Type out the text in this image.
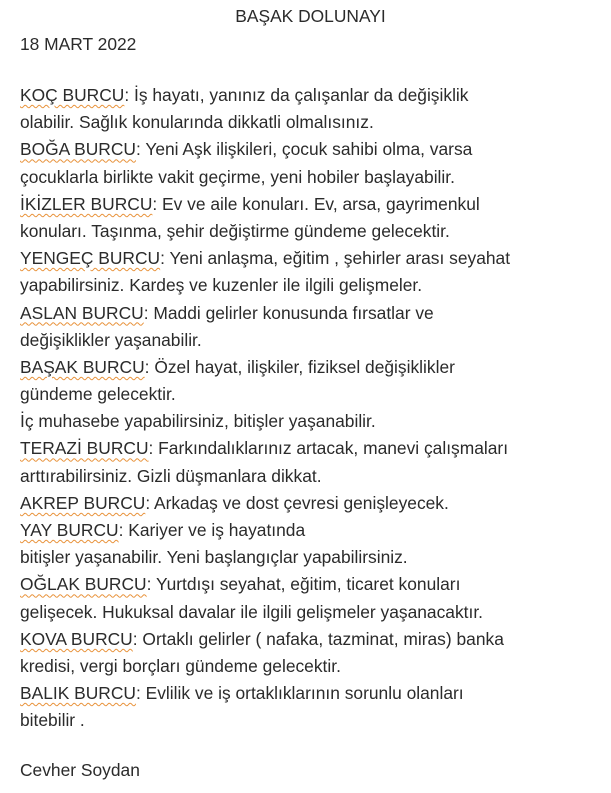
BAŞAK DOLUNAYI
18 MART 2022
KOÇ BURCU: İş hayatı, yanınız da çalışanlar da değişiklik
olabilir. Sağlık konularında dikkatli olmalısınız.
BOĞA BURCU: Yeni Aşk ilişkileri, çocuk sahibi olma, varsa
çocuklarla birlikte vakit geçirme, yeni hobiler başlayabilir.
İKİZLER BURCU: Ev ve aile konuları. Ev, arsa, gayrimenkul
konuları. Taşınma, şehir değiştirme gündeme gelecektir.
YENGEÇ BURCU: Yeni anlaşma, eğitim , şehirler arası seyahat
yapabilirsiniz. Kardeş ve kuzenler ile ilgili gelişmeler.
ASLAN BURCU: Maddi gelirler konusunda fırsatlar ve
değişiklikler yaşanabilir.
BAŞAK BURCU: Özel hayat, ilişkiler, fiziksel değişiklikler
gündeme gelecektir.
İç muhasebe yapabilirsiniz, bitişler yaşanabilir.
TERAZİ BURCU: Farkındalıklarınız artacak, manevi çalışmaları
arttırabilirsiniz. Gizli düşmanlara dikkat.
AKREP BURCU: Arkadaş ve dost çevresi genişleyecek.
YAY BURCU: Kariyer ve iş hayatında
bitişler yaşanabilir. Yeni başlangıçlar yapabilirsiniz.
OĞLAK BURCU: Yurtdışı seyahat, eğitim, ticaret konuları
gelişecek. Hukuksal davalar ile ilgili gelişmeler yaşanacaktır.
KOVA BURCU: Ortaklı gelirler ( nafaka, tazminat, miras) banka
kredisi, vergi borçları gündeme gelecektir.
BALIK BURCU: Evlilik ve iş ortaklıklarının sorunlu olanları
bitebilir .
Cevher Soydan
